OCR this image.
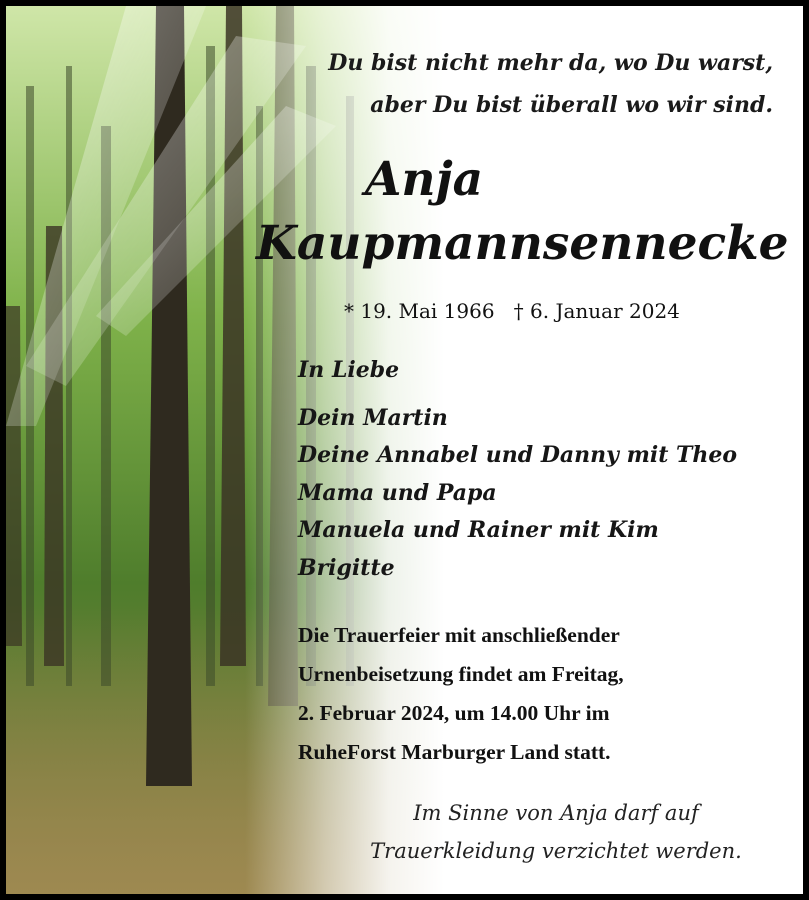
Du bist nicht mehr da, wo Du warst,
aber Du bist überall wo wir sind.
Anja
Kaupmannsennecke
* 19. Mai 1966 † 6. Januar 2024
In Liebe
Dein Martin
Deine Annabel und Danny mit Theo
Mama und Papa
Manuela und Rainer mit Kim
Brigitte
Die Trauerfeier mit anschließender
Urnenbeisetzung findet am Freitag,
2. Februar 2024, um 14.00 Uhr im
RuheForst Marburger Land statt.
Im Sinne von Anja darf auf
Trauerkleidung verzichtet werden.
